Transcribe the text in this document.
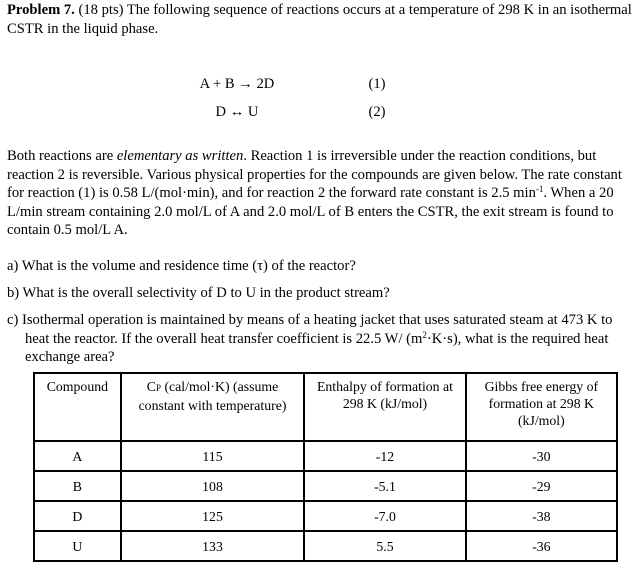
Problem 7. (18 pts) The following sequence of reactions occurs at a temperature of 298 K in an isothermal CSTR in the liquid phase.

A + B → 2D	(1)
D ↔ U	(2)

Both reactions are elementary as written. Reaction 1 is irreversible under the reaction conditions, but reaction 2 is reversible. Various physical properties for the compounds are given below. The rate constant for reaction (1) is 0.58 L/(mol·min), and for reaction 2 the forward rate constant is 2.5 $\min^{-1}$. When a 20 L/min stream containing 2.0 mol/L of A and 2.0 mol/L of B enters the CSTR, the exit stream is found to contain 0.5 mol/L A.

a) What is the volume and residence time (τ) of the reactor?
b) What is the overall selectivity of D to U in the product stream?
c) Isothermal operation is maintained by means of a heating jacket that uses saturated steam at 473 K to heat the reactor. If the overall heat transfer coefficient is 22.5 W/ $(m^2\cdot K\cdot s)$, what is the required heat exchange area?
Compound	CP (cal/mol·K) (assume constant with temperature)	Enthalpy of formation at 298 K (kJ/mol)	Gibbs free energy of formation at 298 K (kJ/mol)
A	115	-12	-30
B	108	-5.1	-29
D	125	-7.0	-38
U	133	5.5	-36
